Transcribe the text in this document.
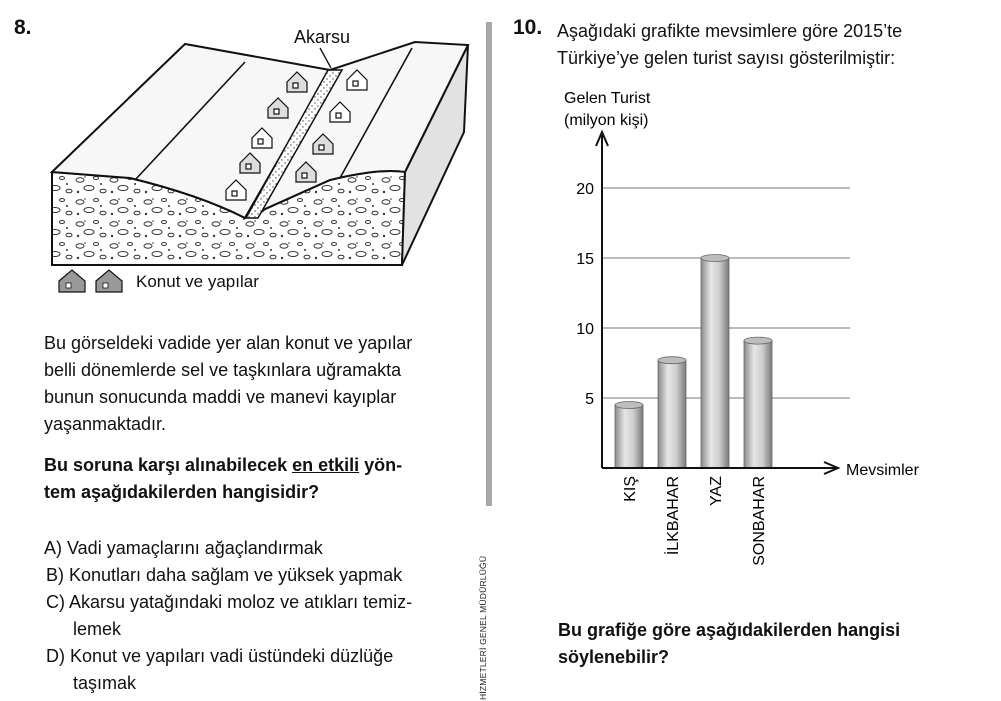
8.	Akarsu
Konut ve yapılar
Bu görseldeki vadide yer alan konut ve yapılar
belli dönemlerde sel ve taşkınlara uğramakta
bunun sonucunda maddi ve manevi kayıplar
yaşanmaktadır.
Bu soruna karşı alınabilecek en etkili yön-
tem aşağıdakilerden hangisidir?
A) Vadi yamaçlarını ağaçlandırmak
B) Konutları daha sağlam ve yüksek yapmak
C) Akarsu yatağındaki moloz ve atıkları temiz-
lemek
D) Konut ve yapıları vadi üstündeki düzlüğe
taşımak	HİZMETLERİ GENEL MÜDÜRLÜĞÜ
10. Aşağıdaki grafikte mevsimlere göre 2015’te
Türkiye’ye gelen turist sayısı gösterilmiştir:
Gelen Turist
(milyon kişi)
Mevsimler
5
10
15
20
KIŞ İLKBAHAR YAZ SONBAHAR
Bu grafiğe göre aşağıdakilerden hangisi
söylenebilir?
